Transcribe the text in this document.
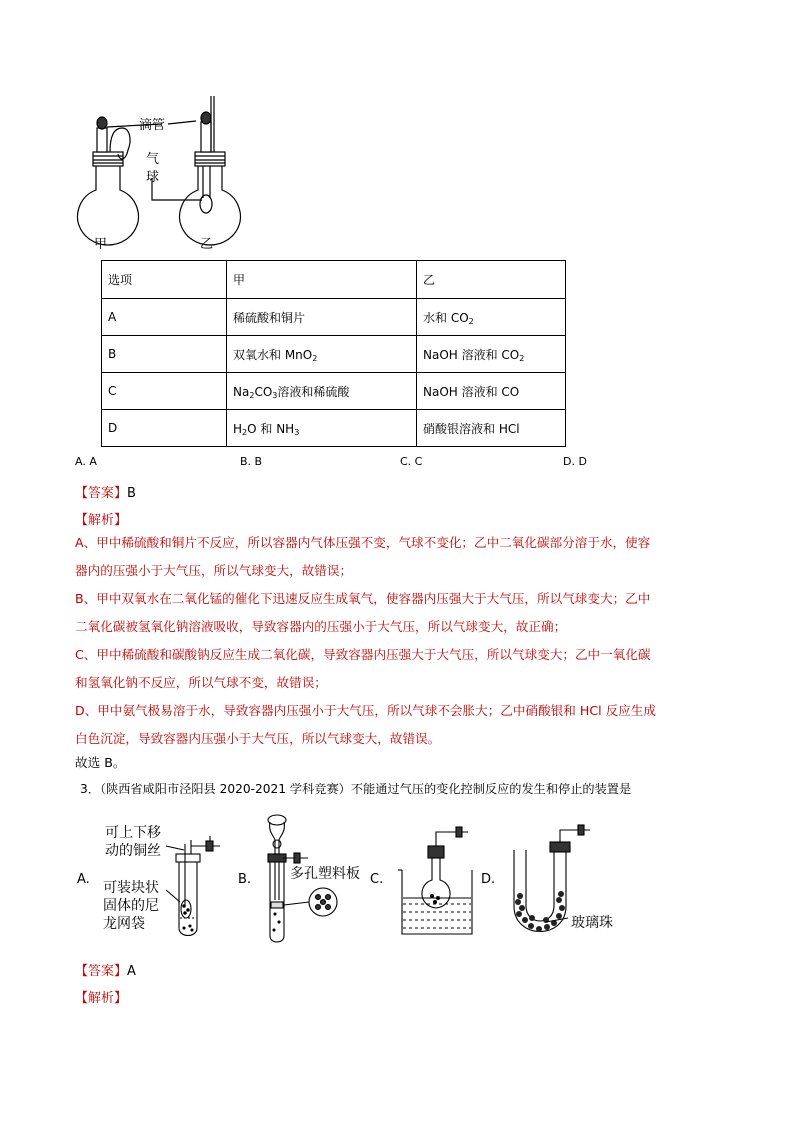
滴管
气
球
甲	乙
选项	甲	乙
A	稀硫酸和铜片	水和 $CO_2$
B	双氧水和 MnO$_2$	NaOH 溶液和 $CO_2$
C	$Na_2CO_3$溶液和稀硫酸	NaOH 溶液和 CO
D	$H_2O$ 和 $NH_3$	硝酸银溶液和 HCl
A. A	B. B	C. C	D. D
【答案】B
【解析】
A、甲中稀硫酸和铜片不反应，所以容器内气体压强不变，气球不变化；乙中二氧化碳部分溶于水，使容
器内的压强小于大气压，所以气球变大，故错误；
B、甲中双氧水在二氧化锰的催化下迅速反应生成氧气，使容器内压强大于大气压，所以气球变大；乙中
二氧化碳被氢氧化钠溶液吸收，导致容器内的压强小于大气压，所以气球变大，故正确；
C、甲中稀硫酸和碳酸钠反应生成二氧化碳，导致容器内压强大于大气压，所以气球变大；乙中一氧化碳
和氢氧化钠不反应，所以气球不变，故错误；
D、甲中氨气极易溶于水，导致容器内压强小于大气压，所以气球不会胀大；乙中硝酸银和 HCl 反应生成
白色沉淀，导致容器内压强小于大气压，所以气球变大，故错误。
故选 B。
3．（陕西省咸阳市泾阳县 2020-2021 学科竞赛）不能通过气压的变化控制反应的发生和停止的装置是
A.	B.	C.	D.
可上下移
动的铜丝
可装块状
固体的尼
龙网袋
多孔塑料板
玻璃珠
【答案】A
【解析】
